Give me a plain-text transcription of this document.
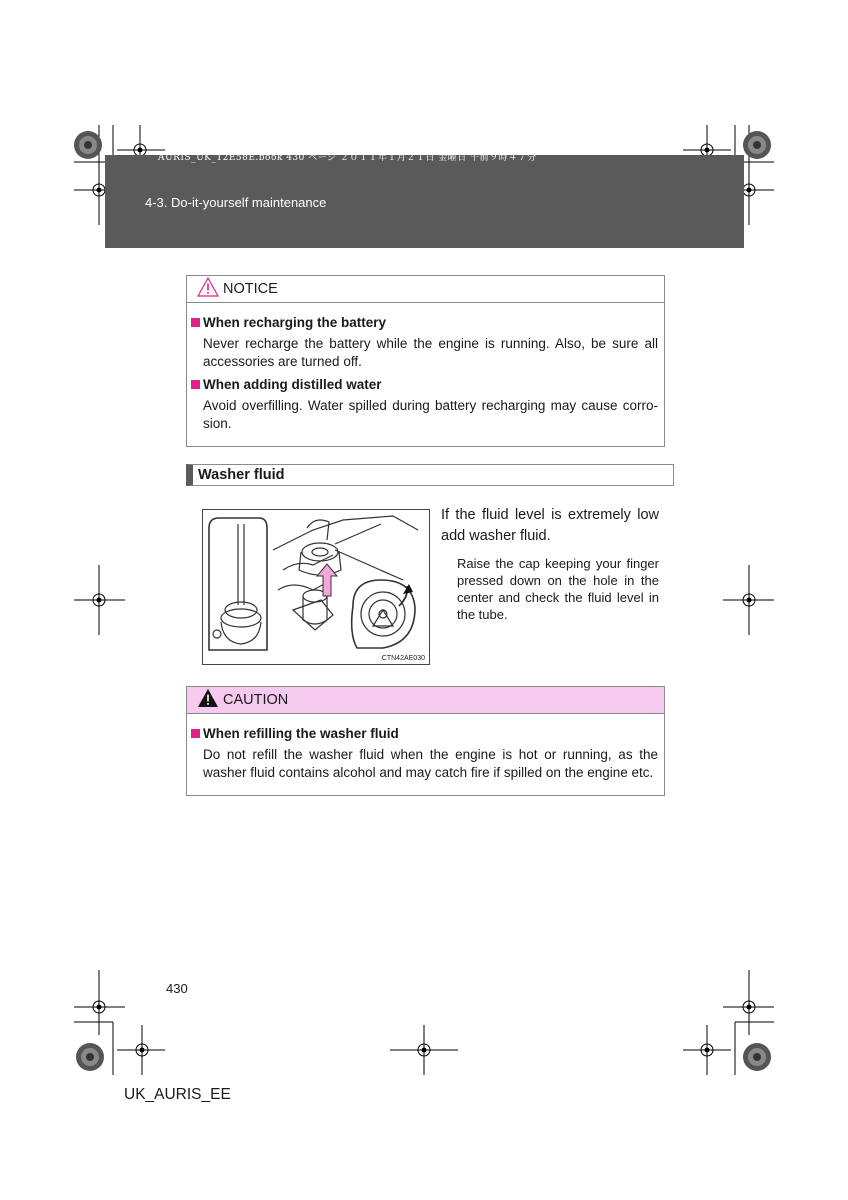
AURIS_UK_12E58E.book 430 ページ ２０１１年１月２１日 金曜日 午前９時４７分
4-3. Do-it-yourself maintenance
NOTICE
When recharging the battery
Never recharge the battery while the engine is running. Also, be sure all accessories are turned off.
When adding distilled water
Avoid overfilling. Water spilled during battery recharging may cause corrosion.
Washer fluid
CTN42AE030
If the fluid level is extremely low add washer fluid.
Raise the cap keeping your finger pressed down on the hole in the center and check the fluid level in the tube.
CAUTION
When refilling the washer fluid
Do not refill the washer fluid when the engine is hot or running, as the washer fluid contains alcohol and may catch fire if spilled on the engine etc.
430
UK_AURIS_EE
